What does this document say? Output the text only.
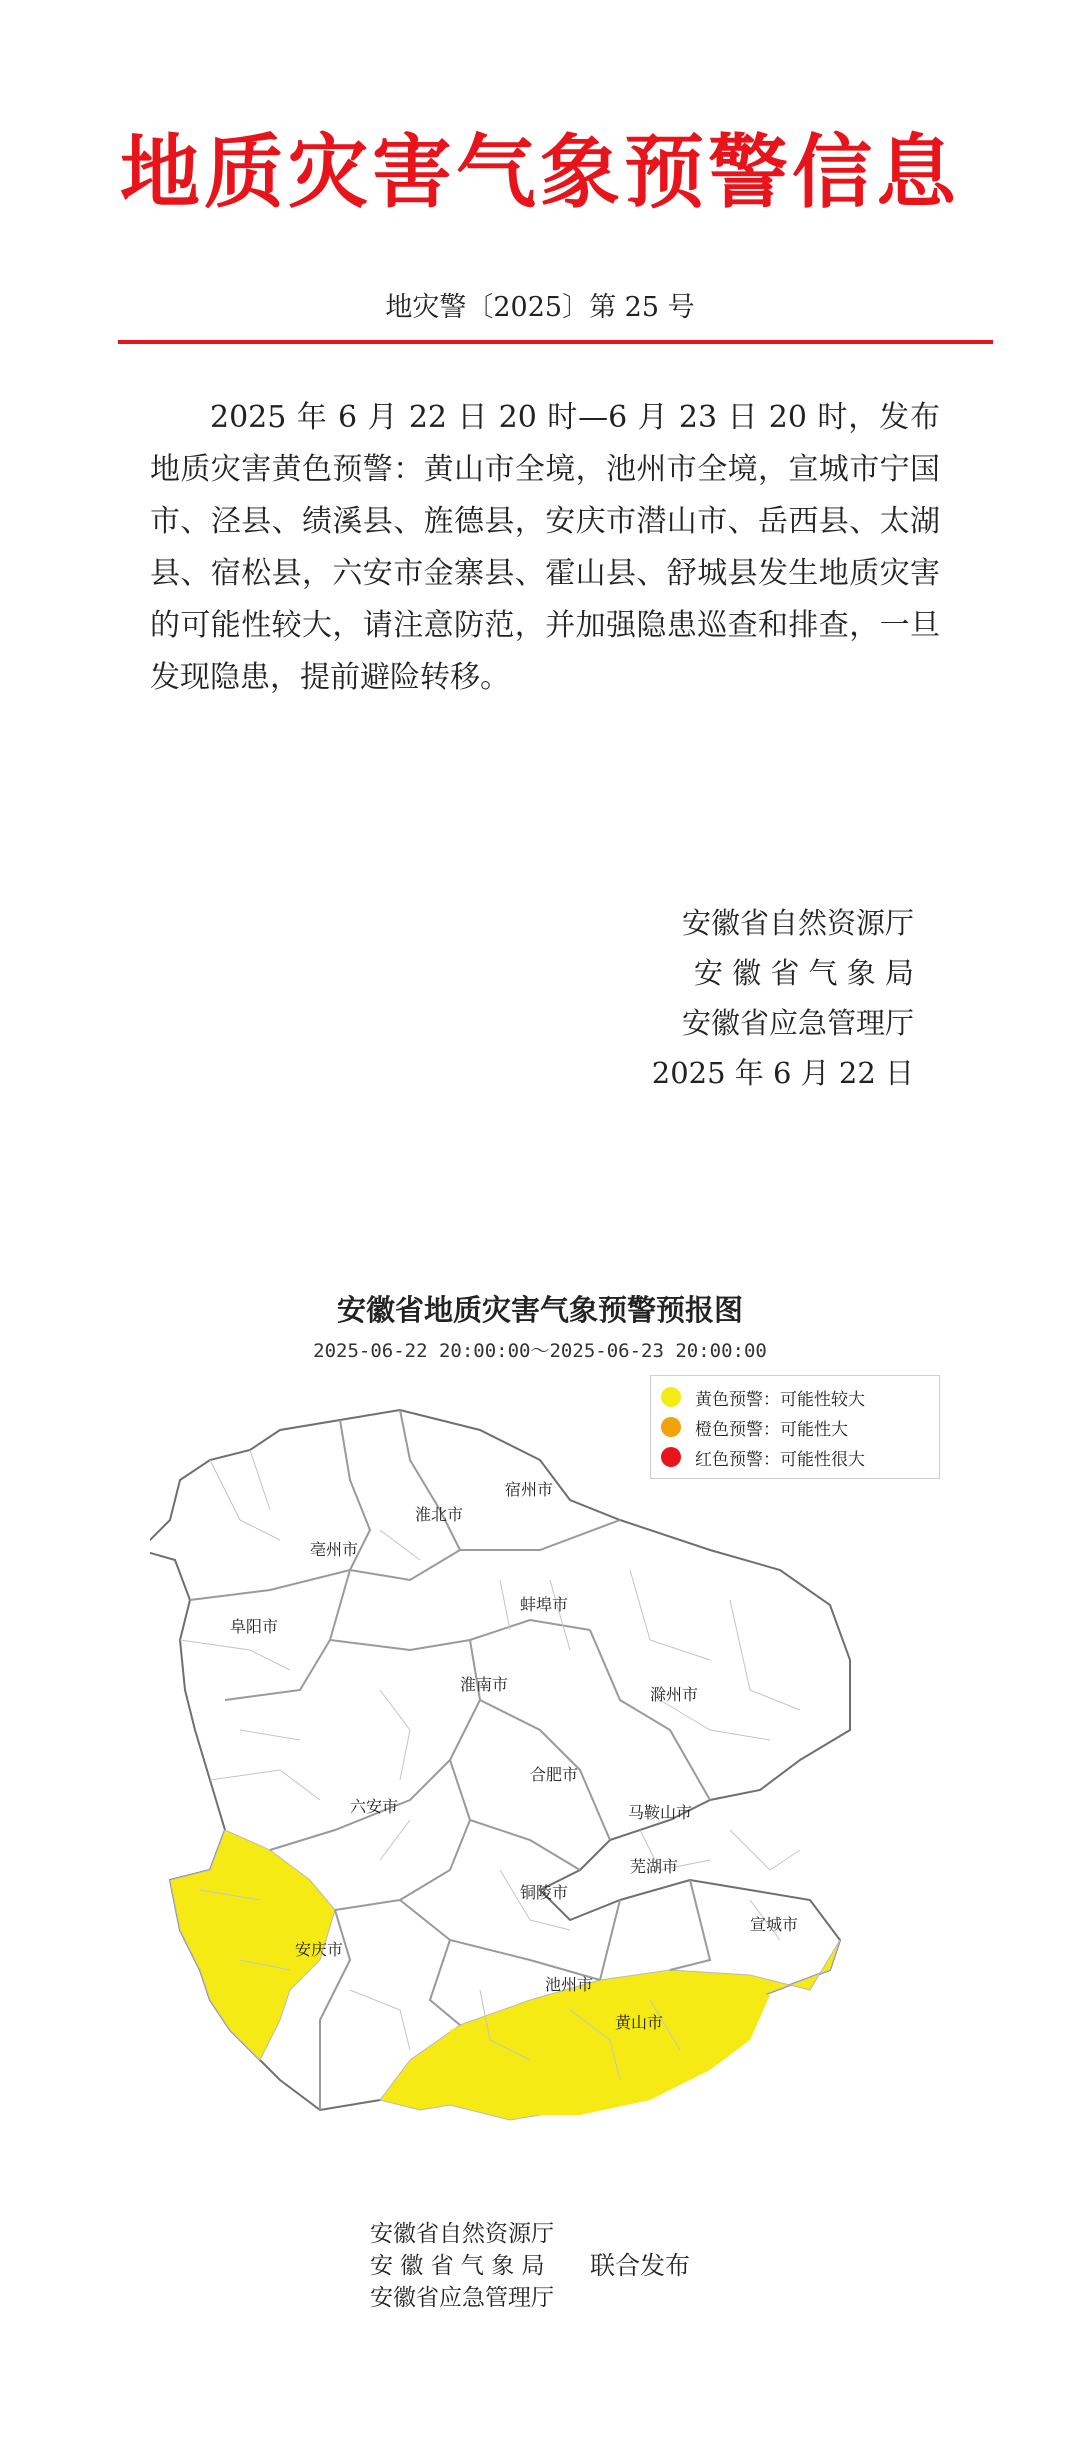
地质灾害气象预警信息
地灾警〔2025〕第 25 号

2025 年 6 月 22 日 20 时—6 月 23 日 20 时，发布地质灾害黄色预警：黄山市全境，池州市全境，宣城市宁国市、泾县、绩溪县、旌德县，安庆市潜山市、岳西县、太湖县、宿松县，六安市金寨县、霍山县、舒城县发生地质灾害的可能性较大，请注意防范，并加强隐患巡查和排查，一旦发现隐患，提前避险转移。

安徽省自然资源厅
安 徽 省 气 象 局
安徽省应急管理厅
2025 年 6 月 22 日
安徽省地质灾害气象预警预报图
2025-06-22 20:00:00～2025-06-23 20:00:00
宿州市
淮北市
亳州市
蚌埠市
阜阳市
淮南市
滁州市
合肥市
六安市	马鞍山市
芜湖市
铜陵市
安庆市
宣城市
池州市
黄山市
黄色预警：可能性较大
橙色预警：可能性大
红色预警：可能性很大
安徽省自然资源厅
安 徽 省 气 象 局
安徽省应急管理厅
联合发布
